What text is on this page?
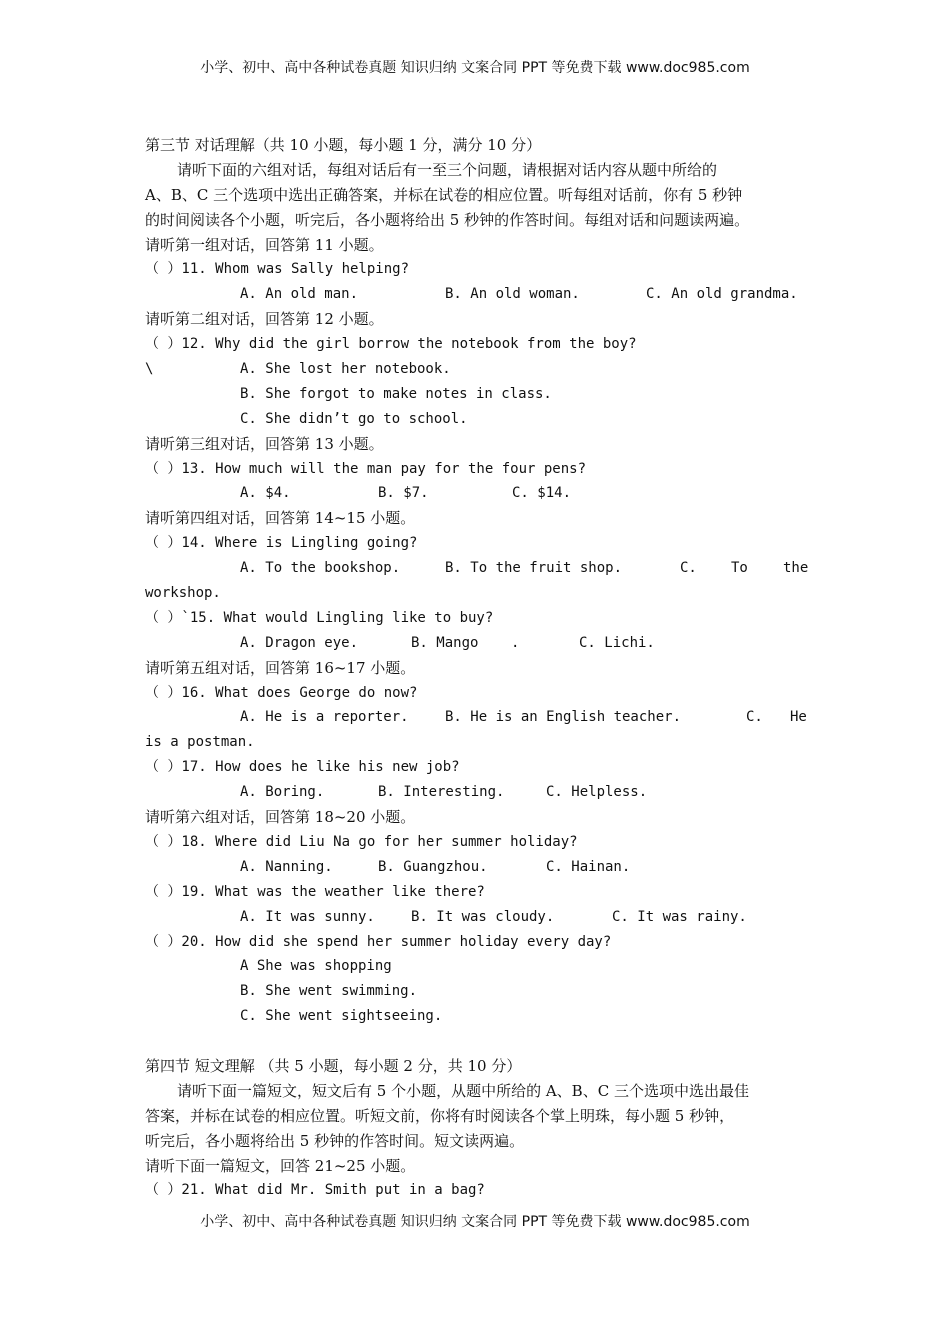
小学、初中、高中各种试卷真题 知识归纳 文案合同 PPT 等免费下载 www.doc985.com
第三节 对话理解（共 10 小题，每小题 1 分，满分 10 分）
请听下面的六组对话，每组对话后有一至三个问题，请根据对话内容从题中所给的
A、B、C 三个选项中选出正确答案，并标在试卷的相应位置。听每组对话前，你有 5 秒钟
的时间阅读各个小题，听完后，各小题将给出 5 秒钟的作答时间。每组对话和问题读两遍。
请听第一组对话，回答第 11 小题。
（ ）11. Whom was Sally helping?
A. An old man.	B. An old woman.	C. An old grandma.
请听第二组对话，回答第 12 小题。
（ ）12. Why did the girl borrow the notebook from the boy?
\	A. She lost her notebook.
B. She forgot to make notes in class.
C. She didn’t go to school.
请听第三组对话，回答第 13 小题。
（ ）13. How much will the man pay for the four pens?
A. $4.	B. $7.	C. $14.
请听第四组对话，回答第 14~15 小题。
（ ）14. Where is Lingling going?
A. To the bookshop.	B. To the fruit shop.	C. To	the
workshop.
（ ）`15. What would Lingling like to buy?
A. Dragon eye.	B. Mango .	C. Lichi.
请听第五组对话，回答第 16~17 小题。
（ ）16. What does George do now?
A. He is a reporter.	B. He is an English teacher.	C. He
is a postman.
（ ）17. How does he like his new job?
A. Boring.	B. Interesting.	C. Helpless.
请听第六组对话，回答第 18~20 小题。
（ ）18. Where did Liu Na go for her summer holiday?
A. Nanning.	B. Guangzhou.	C. Hainan.
（ ）19. What was the weather like there?
A. It was sunny.	B. It was cloudy.	C. It was rainy.
（ ）20. How did she spend her summer holiday every day?
A She was shopping
B. She went swimming.
C. She went sightseeing.
第四节 短文理解 （共 5 小题，每小题 2 分，共 10 分）
请听下面一篇短文，短文后有 5 个小题，从题中所给的 A、B、C 三个选项中选出最佳
答案，并标在试卷的相应位置。听短文前，你将有时阅读各个掌上明珠，每小题 5 秒钟，
听完后，各小题将给出 5 秒钟的作答时间。短文读两遍。
请听下面一篇短文，回答 21~25 小题。
（ ）21. What did Mr. Smith put in a bag?
小学、初中、高中各种试卷真题 知识归纳 文案合同 PPT 等免费下载 www.doc985.com
